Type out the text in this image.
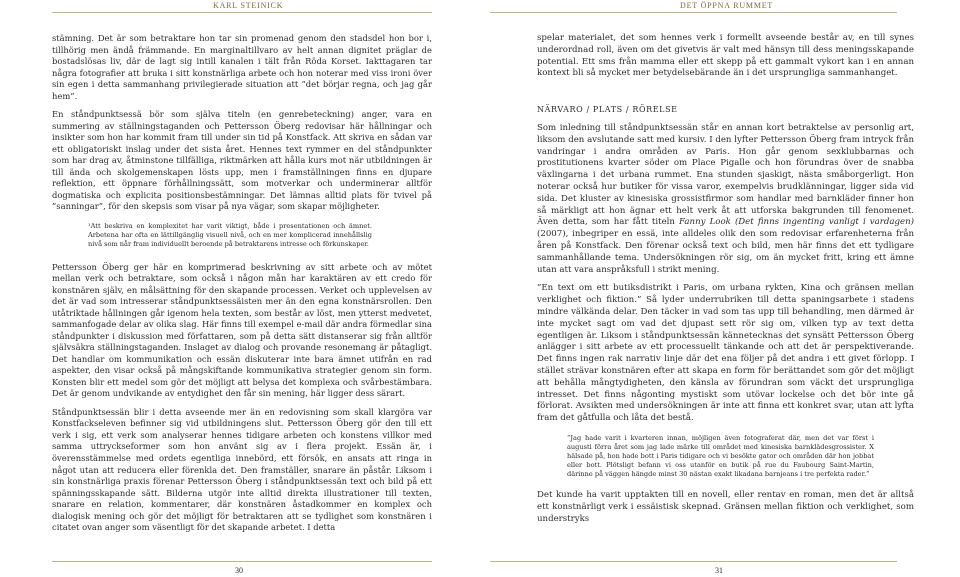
KARL STEINICK

stämning. Det är som betraktare hon tar sin promenad genom den stadsdel hon bor i, tillhörig men ändå främmande. En marginaltillvaro av helt annan dignitet präglar de bostadslösas liv, där de lagt sig intill kanalen i tält från Röda Korset. Iakttagaren tar några fotografier att bruka i sitt konstnärliga arbete och hon noterar med viss ironi över sin egen i detta sammanhang privilegierade situation att ”det börjar regna, och jag går hem”.

En ståndpunktsessä bör som själva titeln (en genrebeteckning) anger, vara en summering av ställningstaganden och Pettersson Öberg redovisar här hållningar och insikter som hon har kommit fram till under sin tid på Konstfack. Att skriva en sådan var ett obligatoriskt inslag under det sista året. Hennes text rymmer en del ståndpunkter som har drag av, åtminstone tillfälliga, riktmärken att hålla kurs mot när utbildningen är till ända och skolgemenskapen lösts upp, men i framställningen finns en djupare reflektion, ett öppnare förhållningssätt, som motverkar och underminerar alltför dogmatiska och explicita positionsbestämningar. Det lämnas alltid plats för tvivel på ”sanningar”, för den skepsis som visar på nya vägar, som skapar möjligheter.

¹Att beskriva en komplexitet har varit viktigt, både i presentationen och ämnet. Arbetena har ofta en lättillgänglig visuell nivå, och en mer komplicerad innehållslig nivå som når fram individuellt beroende på betraktarens intresse och förkunskaper.

Pettersson Öberg ger här en komprimerad beskrivning av sitt arbete och av mötet mellan verk och betraktare, som också i någon mån har karaktären av ett credo för konstnären själv, en målsättning för den skapande processen. Verket och upplevelsen av det är vad som intresserar ståndpunktsessäisten mer än den egna konstnärsrollen. Den utåtriktade hållningen går igenom hela texten, som består av löst, men ytterst medvetet, sammanfogade delar av olika slag. Här finns till exempel e-mail där andra förmedlar sina ståndpunkter i diskussion med författaren, som på detta sätt distanserar sig från alltför självsäkra ställningstaganden. Inslaget av dialog och provande resonemang är påtagligt. Det handlar om kommunikation och essän diskuterar inte bara ämnet utifrån en rad aspekter, den visar också på mångskiftande kommunikativa strategier genom sin form. Konsten blir ett medel som gör det möjligt att belysa det komplexa och svårbestämbara. Det är genom undvikande av entydighet den får sin mening, här ligger dess särart.

Ståndpunktsessän blir i detta avseende mer än en redovisning som skall klargöra var Konstfackseleven befinner sig vid utbildningens slut. Pettersson Öberg gör den till ett verk i sig, ett verk som analyserar hennes tidigare arbeten och konstens villkor med samma uttryckseformer som hon använt sig av i flera projekt. Essän är, i överensstämmelse med ordets egentliga innebörd, ett försök, en ansats att ringa in något utan att reducera eller förenkla det. Den framställer, snarare än påstår. Liksom i sin konstnärliga praxis förenar Pettersson Öberg i ståndpunktsessän text och bild på ett spänningsskapande sätt. Bilderna utgör inte alltid direkta illustrationer till texten, snarare en relation, kommentarer, där konstnären åstadkommer en komplex och dialogisk mening och gör det möjligt för betraktaren att se tydlighet som konstnären i citatet ovan anger som väsentligt för det skapande arbetet. I detta

30
DET ÖPPNA RUMMET

spelar materialet, det som hennes verk i formellt avseende består av, en till synes underordnad roll, även om det givetvis är valt med hänsyn till dess meningsskapande potential. Ett sms från mamma eller ett skepp på ett gammalt vykort kan i en annan kontext bli så mycket mer betydelsebärande än i det ursprungliga sammanhanget.

NÄRVARO / PLATS / RÖRELSE

Som inledning till ståndpunktsessän står en annan kort betraktelse av personlig art, liksom den avslutande satt med kursiv. I den lyfter Pettersson Öberg fram intryck från vandringar i andra områden av Paris. Hon går genom sexklubbarnas och prostitutionens kvarter söder om Place Pigalle och hon förundras över de snabba växlingarna i det urbana rummet. Ena stunden sjaskigt, nästa småborgerligt. Hon noterar också hur butiker för vissa varor, exempelvis brudklänningar, ligger sida vid sida. Det kluster av kinesiska grossistfirmor som handlar med barnkläder finner hon så märkligt att hon ägnar ett helt verk åt att utforska bakgrunden till fenomenet. Även detta, som har fått titeln Fanny Look (Det finns ingenting vanligt i vardagen) (2007), inbegriper en essä, inte alldeles olik den som redovisar erfarenheterna från åren på Konstfack. Den förenar också text och bild, men här finns det ett tydligare sammanhållande tema. Undersökningen rör sig, om än mycket fritt, kring ett ämne utan att vara anspråksfull i strikt mening.

”En text om ett butiksdistrikt i Paris, om urbana rykten, Kina och gränsen mellan verklighet och fiktion.” Så lyder underrubriken till detta spaningsarbete i stadens mindre välkända delar. Den täcker in vad som tas upp till behandling, men därmed är inte mycket sagt om vad det djupast sett rör sig om, vilken typ av text detta egentligen är. Liksom i ståndpunktsessän kännetecknas det synsätt Pettersson Öberg anlägger i sitt arbete av ett processuellt tänkande och att det är perspektiverande. Det finns ingen rak narrativ linje där det ena följer på det andra i ett givet förlopp. I stället strävar konstnären efter att skapa en form för berättandet som gör det möjligt att behålla mångtydigheten, den känsla av förundran som väckt det ursprungliga intresset. Det finns någonting mystiskt som utövar lockelse och det bör inte gå förlorat. Avsikten med undersökningen är inte att finna ett konkret svar, utan att lyfta fram det gåtfulla och låta det bestå.

”Jag hade varit i kvarteren innan, möjligen även fotograferat där, men det var först i augusti förra året som jag lade märke till området med kinesiska barnklädesgrossister. X hälsade på, hon hade bott i Paris tidigare och vi besökte gator och områden där hon jobbat eller bott. Plötsligt befann vi oss utanför en butik på rue du Faubourg Saint-Martin, därinne på väggen hängde minst 30 nästan exakt likadana barnjeans i tre perfekta rader.”

Det kunde ha varit upptakten till en novell, eller rentav en roman, men det är alltså ett konstnärligt verk i essäistisk skepnad. Gränsen mellan fiktion och verklighet, som understryks

31
